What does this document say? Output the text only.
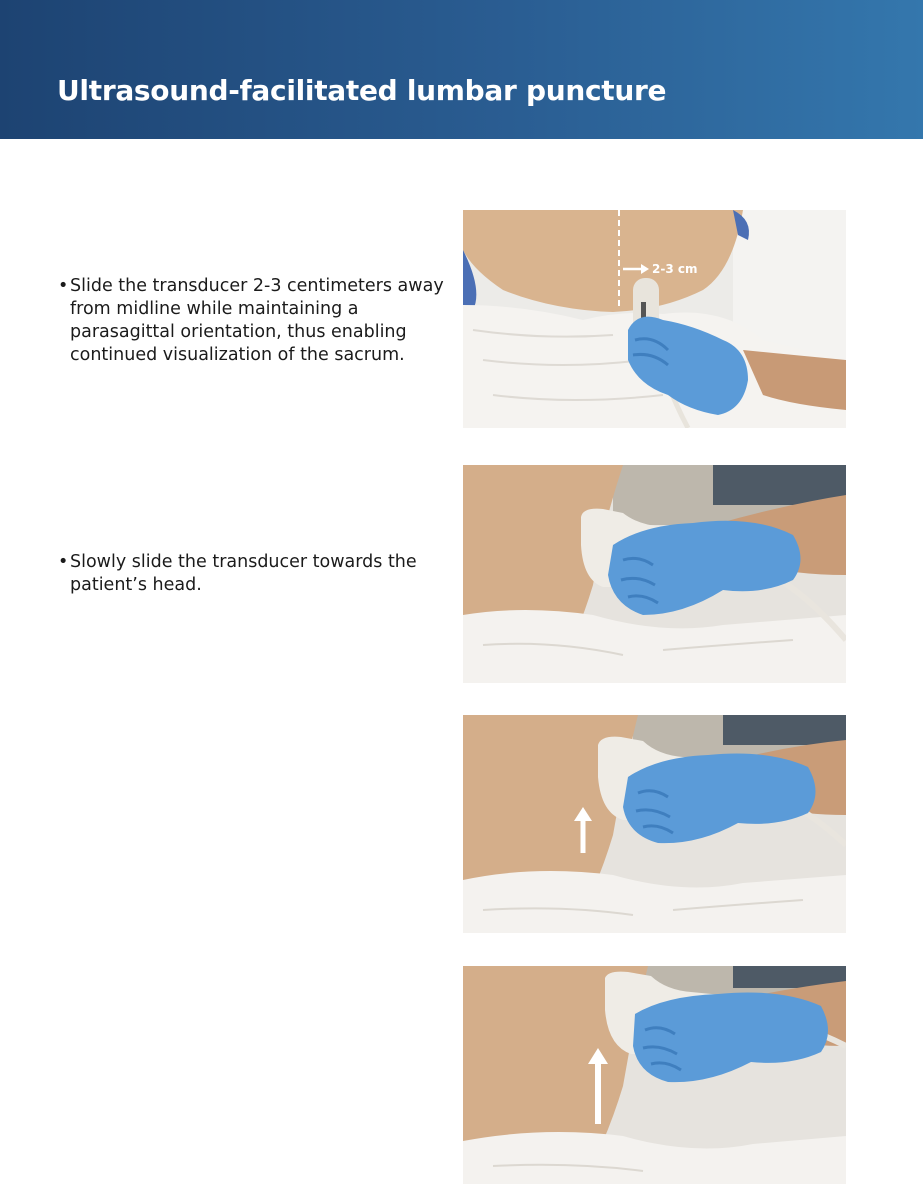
Ultrasound-facilitated lumbar puncture
• Slide the transducer 2-3 centimeters away from midline while maintaining a parasagittal orientation, thus enabling continued visualization of the sacrum.
• Slowly slide the transducer towards the patient’s head.
2-3 cm
